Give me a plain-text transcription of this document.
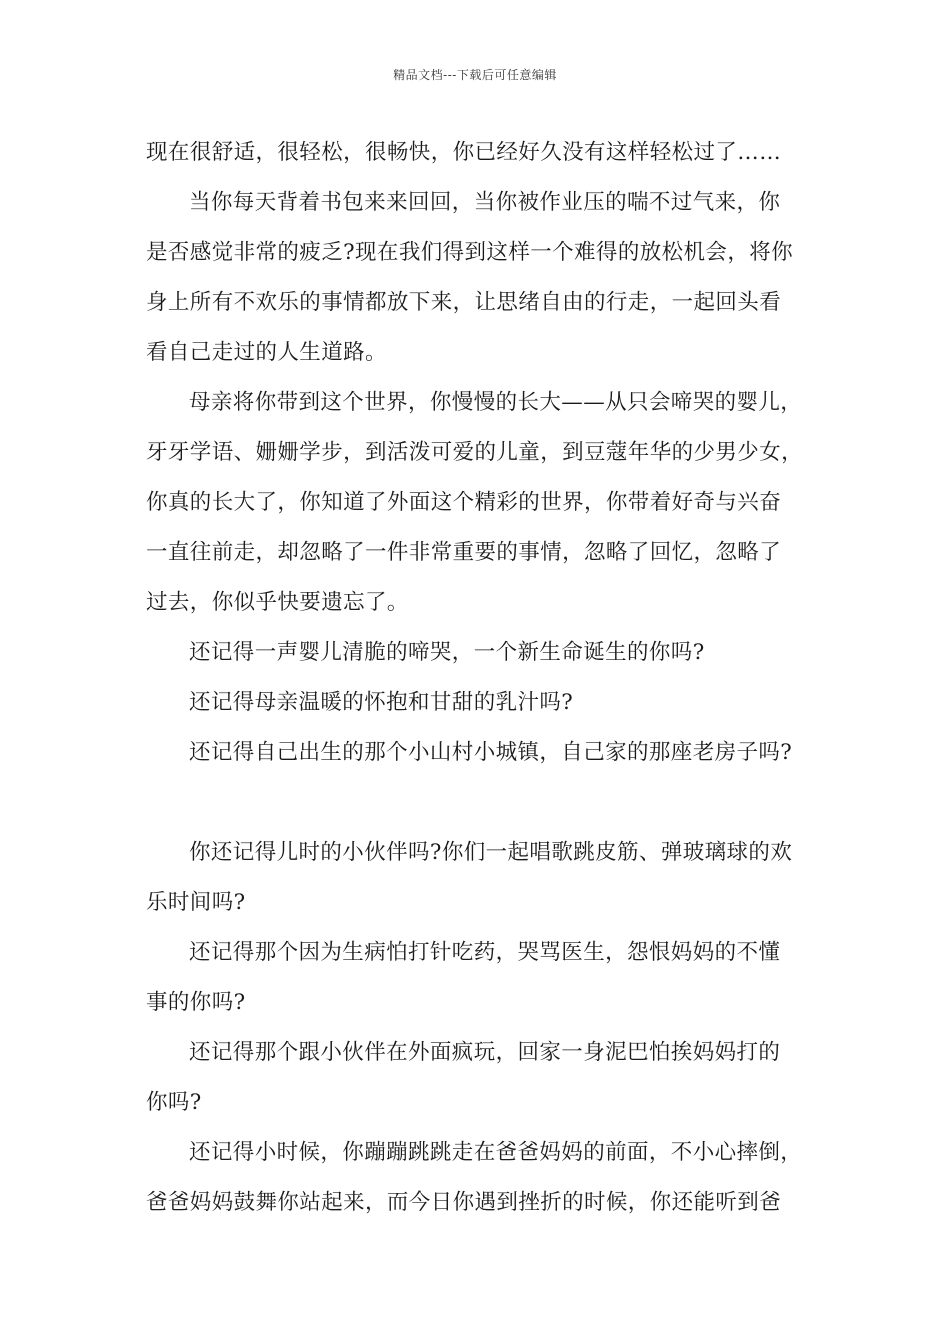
精品文档---下载后可任意编辑
现在很舒适，很轻松，很畅快，你已经好久没有这样轻松过了……
当你每天背着书包来来回回，当你被作业压的喘不过气来，你
是否感觉非常的疲乏?现在我们得到这样一个难得的放松机会，将你
身上所有不欢乐的事情都放下来，让思绪自由的行走，一起回头看
看自己走过的人生道路。
母亲将你带到这个世界，你慢慢的长大——从只会啼哭的婴儿，
牙牙学语、姗姗学步，到活泼可爱的儿童，到豆蔻年华的少男少女，
你真的长大了，你知道了外面这个精彩的世界，你带着好奇与兴奋
一直往前走，却忽略了一件非常重要的事情，忽略了回忆，忽略了
过去，你似乎快要遗忘了。
还记得一声婴儿清脆的啼哭，一个新生命诞生的你吗?
还记得母亲温暖的怀抱和甘甜的乳汁吗?
还记得自己出生的那个小山村小城镇，自己家的那座老房子吗?
你还记得儿时的小伙伴吗?你们一起唱歌跳皮筋、弹玻璃球的欢
乐时间吗?
还记得那个因为生病怕打针吃药，哭骂医生，怨恨妈妈的不懂
事的你吗?
还记得那个跟小伙伴在外面疯玩，回家一身泥巴怕挨妈妈打的
你吗?
还记得小时候，你蹦蹦跳跳走在爸爸妈妈的前面，不小心摔倒，
爸爸妈妈鼓舞你站起来，而今日你遇到挫折的时候，你还能听到爸
